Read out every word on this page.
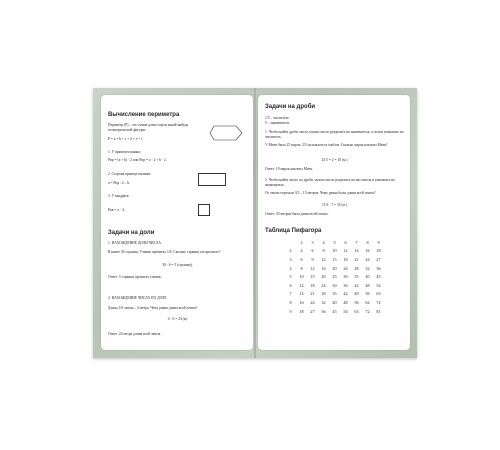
Вычисление периметра

Периметр (Р) – это сумма длин сторон какой-нибудь геометрической фигуры:

P = a + b + c + d + e + f.

1. У прямоугольника:

Pпр = (a + b) · 2 или Pпр = a · 2 + b · 2.

2. Сторона прямоугольника:

a = Pпр : 2 – b.

3. У квадрата:

Pкв = a · 4.

Задачи на доли

1. НАХОЖДЕНИЕ ДОЛИ ЧИСЛА

В книге 30 страниц. Ученик прочитал 1/6. Сколько страниц он прочитал?

30 : 6 = 5 (страниц).

Ответ: 5 страниц прочитал ученик.

2. НАХОЖДЕНИЕ ЧИСЛА ПО ДОЛЕ

Длина 1/6 ленты – 4 метра. Чему равна длина всей ленты?

4 · 6 = 24 (м)

Ответ: 24 метра длина всей ленты.

Задачи на дроби

1/5 – числитель

5 – знаменатель

1. Чтобы найти дробь числа, нужно число разделить на знаменатель, а потом умножить на числитель.

У Мити было 25 марок. 2/5 он наклеил в альбом. Сколько марок наклеил Митя?

25:5 = 2 = 10 (м.)

Ответ: 10 марок наклеил Митя.

2. Чтобы найти число по дроби, нужно число разделить на числитель и умножить на знаменатель.

От ленты отрезали 3/5 – 15 метров. Чему равна была длина всей ленты?

15:3 · 7 = 35 (м.)

Ответ: 35 метров была длина всей ленты.

Таблица Пифагора
	2	3	4	5	6	7	8	9
2	4	6	8	10	12	14	16	18
3	6	9	12	15	18	21	24	27
4	8	12	16	20	24	28	32	36
5	10	15	20	25	30	35	40	45
6	12	18	24	30	36	42	48	54
7	14	21	28	35	42	49	56	63
8	16	24	32	40	48	56	64	72
9	18	27	36	45	54	63	72	81
